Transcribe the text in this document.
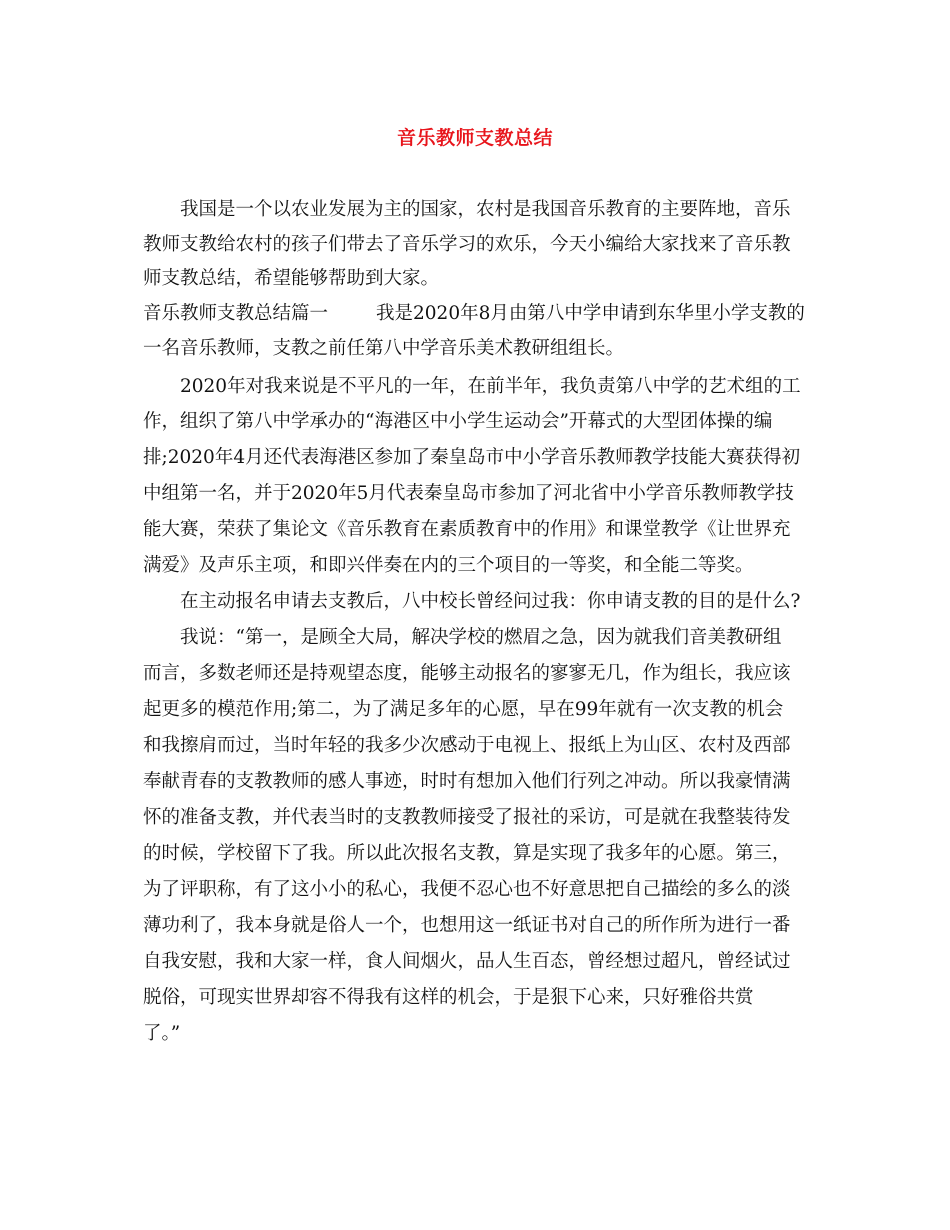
音乐教师支教总结
我国是一个以农业发展为主的国家，农村是我国音乐教育的主要阵地，音乐
教师支教给农村的孩子们带去了音乐学习的欢乐，今天小编给大家找来了音乐教
师支教总结，希望能够帮助到大家。
音乐教师支教总结篇一	我是2020年8月由第八中学申请到东华里小学支教的
一名音乐教师，支教之前任第八中学音乐美术教研组组长。
2020年对我来说是不平凡的一年，在前半年，我负责第八中学的艺术组的工
作，组织了第八中学承办的“海港区中小学生运动会”开幕式的大型团体操的编
排;2020年4月还代表海港区参加了秦皇岛市中小学音乐教师教学技能大赛获得初
中组第一名，并于2020年5月代表秦皇岛市参加了河北省中小学音乐教师教学技
能大赛，荣获了集论文《音乐教育在素质教育中的作用》和课堂教学《让世界充
满爱》及声乐主项，和即兴伴奏在内的三个项目的一等奖，和全能二等奖。
在主动报名申请去支教后，八中校长曾经问过我：你申请支教的目的是什么?
我说：“第一，是顾全大局，解决学校的燃眉之急，因为就我们音美教研组
而言，多数老师还是持观望态度，能够主动报名的寥寥无几，作为组长，我应该
起更多的模范作用;第二，为了满足多年的心愿，早在99年就有一次支教的机会
和我擦肩而过，当时年轻的我多少次感动于电视上、报纸上为山区、农村及西部
奉献青春的支教教师的感人事迹，时时有想加入他们行列之冲动。所以我豪情满
怀的准备支教，并代表当时的支教教师接受了报社的采访，可是就在我整装待发
的时候，学校留下了我。所以此次报名支教，算是实现了我多年的心愿。第三，
为了评职称，有了这小小的私心，我便不忍心也不好意思把自己描绘的多么的淡
薄功利了，我本身就是俗人一个，也想用这一纸证书对自己的所作所为进行一番
自我安慰，我和大家一样，食人间烟火，品人生百态，曾经想过超凡，曾经试过
脱俗，可现实世界却容不得我有这样的机会，于是狠下心来，只好雅俗共赏
了。”
